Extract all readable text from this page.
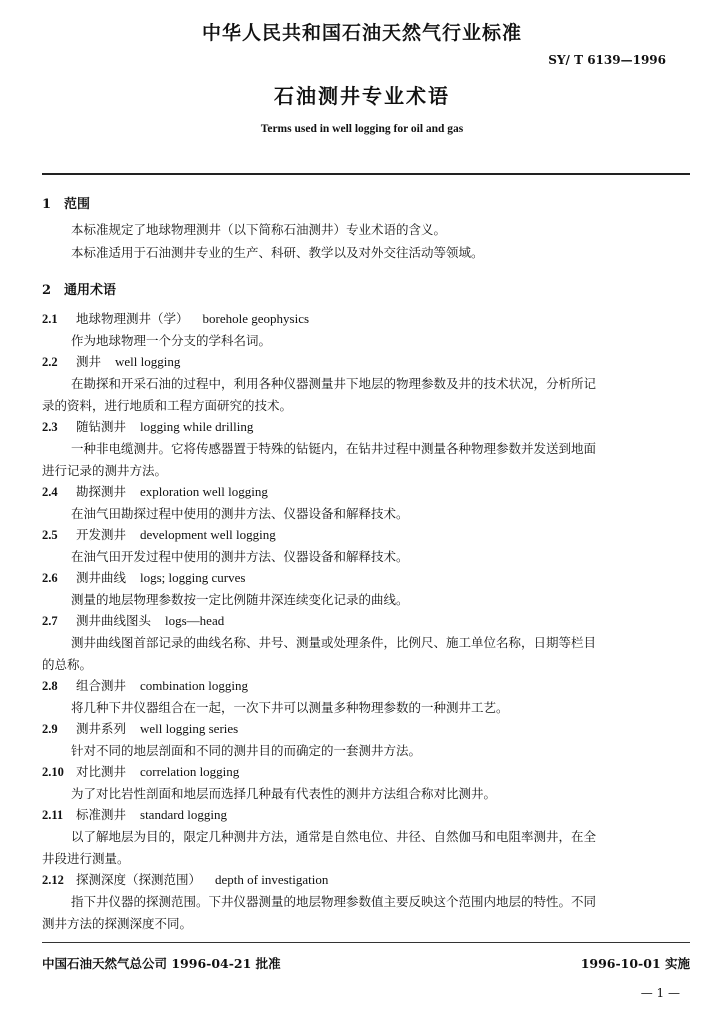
中华人民共和国石油天然气行业标准
SY/ T 6139—1996
石油测井专业术语
Terms used in well logging for oil and gas
1 范围
本标准规定了地球物理测井（以下简称石油测井）专业术语的含义。
本标准适用于石油测井专业的生产、科研、教学以及对外交往活动等领域。
2 通用术语
2.1 地球物理测井（学） borehole geophysics
作为地球物理一个分支的学科名词。
2.2 测井 well logging
在勘探和开采石油的过程中，利用各种仪器测量井下地层的物理参数及井的技术状况，分析所记
录的资料，进行地质和工程方面研究的技术。
2.3 随钻测井 logging while drilling
一种非电缆测井。它将传感器置于特殊的钻铤内，在钻井过程中测量各种物理参数并发送到地面
进行记录的测井方法。
2.4 勘探测井 exploration well logging
在油气田勘探过程中使用的测井方法、仪器设备和解释技术。
2.5 开发测井 development well logging
在油气田开发过程中使用的测井方法、仪器设备和解释技术。
2.6 测井曲线 logs; logging curves
测量的地层物理参数按一定比例随井深连续变化记录的曲线。
2.7 测井曲线图头 logs—head
测井曲线图首部记录的曲线名称、井号、测量或处理条件，比例尺、施工单位名称，日期等栏目
的总称。
2.8 组合测井 combination logging
将几种下井仪器组合在一起，一次下井可以测量多种物理参数的一种测井工艺。
2.9 测井系列 well logging series
针对不同的地层剖面和不同的测井目的而确定的一套测井方法。
2.10 对比测井 correlation logging
为了对比岩性剖面和地层而选择几种最有代表性的测井方法组合称对比测井。
2.11 标准测井 standard logging
以了解地层为目的，限定几种测井方法，通常是自然电位、井径、自然伽马和电阻率测井，在全
井段进行测量。
2.12 探测深度（探测范围） depth of investigation
指下井仪器的探测范围。下井仪器测量的地层物理参数值主要反映这个范围内地层的特性。不同
测井方法的探测深度不同。
中国石油天然气总公司 1996-04-21 批准	1996-10-01 实施
— 1 —
